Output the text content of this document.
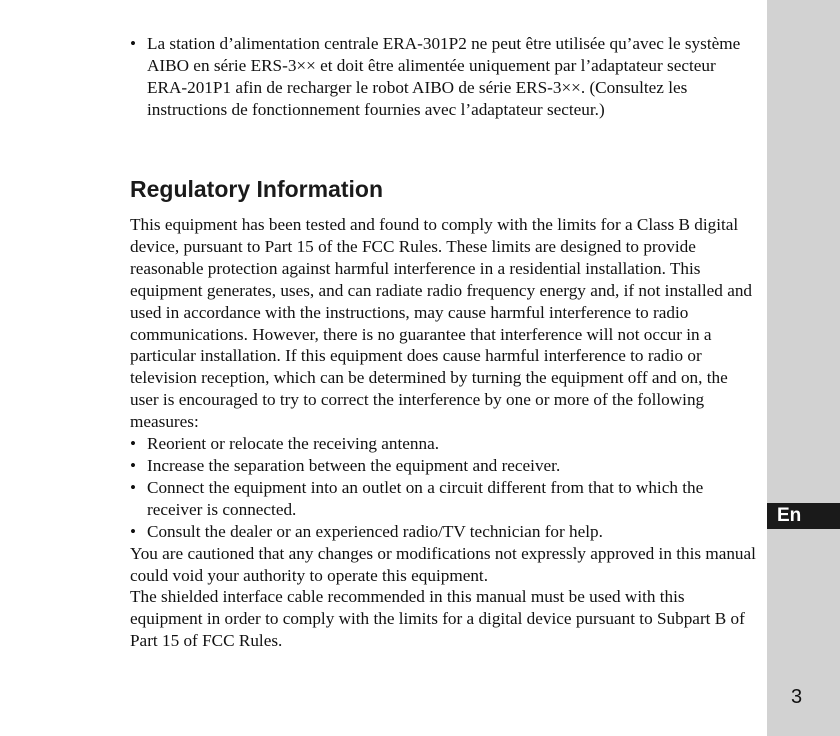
En
3
• La station d’alimentation centrale ERA-301P2 ne peut être utilisée qu’avec le système AIBO en série ERS-3×× et doit être alimentée uniquement par l’adaptateur secteur ERA-201P1 afin de recharger le robot AIBO de série ERS-3××. (Consultez les instructions de fonctionnement fournies avec l’adaptateur secteur.)
Regulatory Information

This equipment has been tested and found to comply with the limits for a Class B digital device, pursuant to Part 15 of the FCC Rules. These limits are designed to provide reasonable protection against harmful interference in a residential installation. This equipment generates, uses, and can radiate radio frequency energy and, if not installed and used in accordance with the instructions, may cause harmful interference to radio communications. However, there is no guarantee that interference will not occur in a particular installation. If this equipment does cause harmful interference to radio or television reception, which can be determined by turning the equipment off and on, the user is encouraged to try to correct the interference by one or more of the following measures:

• Reorient or relocate the receiving antenna.
• Increase the separation between the equipment and receiver.
• Connect the equipment into an outlet on a circuit different from that to which the receiver is connected.
• Consult the dealer or an experienced radio/TV technician for help.

You are cautioned that any changes or modifications not expressly approved in this manual could void your authority to operate this equipment.

The shielded interface cable recommended in this manual must be used with this equipment in order to comply with the limits for a digital device pursuant to Subpart B of Part 15 of FCC Rules.
